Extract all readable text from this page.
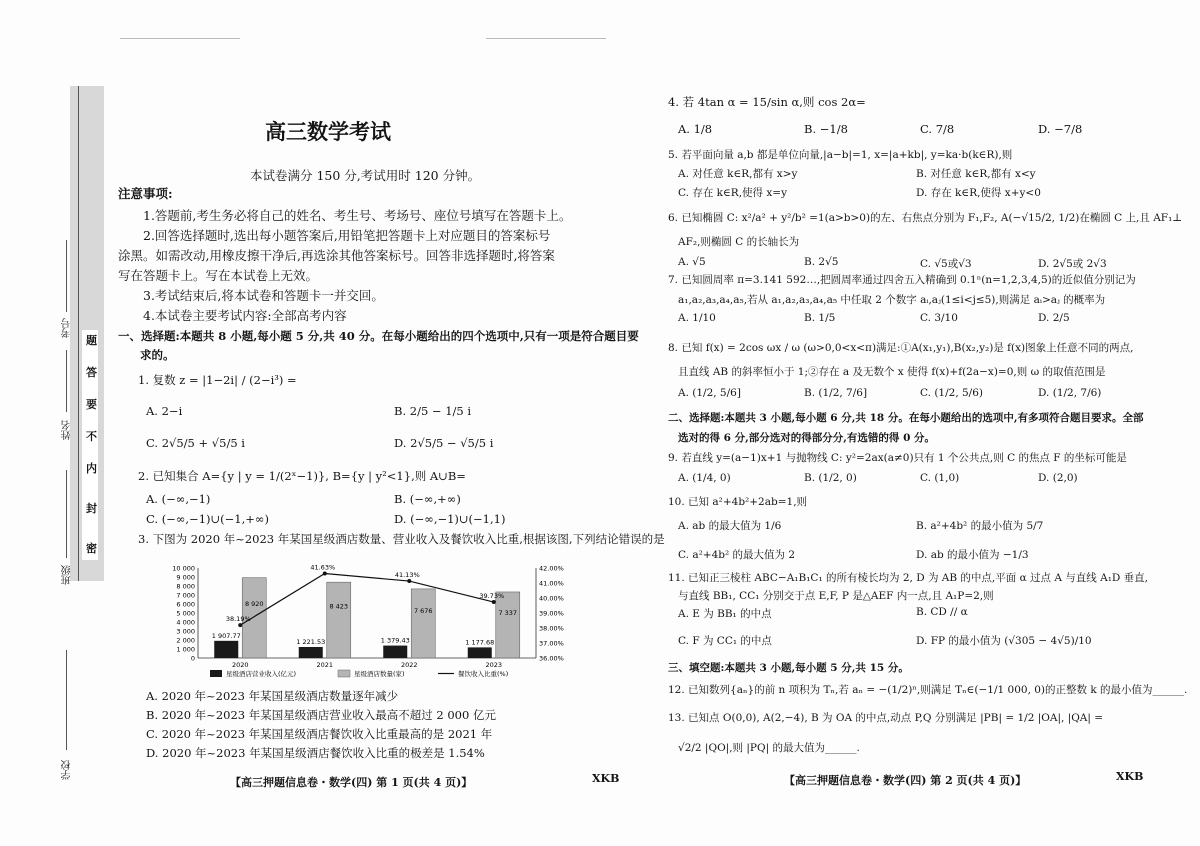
学校
班级
姓名
考号
题
答
要
不
内
封
密
高三数学考试
本试卷满分 150 分,考试用时 120 分钟。
注意事项:
1.答题前,考生务必将自己的姓名、考生号、考场号、座位号填写在答题卡上。
2.回答选择题时,选出每小题答案后,用铅笔把答题卡上对应题目的答案标号
涂黑。如需改动,用橡皮擦干净后,再选涂其他答案标号。回答非选择题时,将答案
写在答题卡上。写在本试卷上无效。
3.考试结束后,将本试卷和答题卡一并交回。
4.本试卷主要考试内容:全部高考内容
一、选择题:本题共 8 小题,每小题 5 分,共 40 分。在每小题给出的四个选项中,只有一项是符合题目要
求的。
1. 复数 z = |1−2i| / (2−i³) =
A. 2−i	B. 2/5 − 1/5 i
C. 2√5/5 + √5/5 i	D. 2√5/5 − √5/5 i
2. 已知集合 A={y | y = 1/(2ˣ−1)}, B={y | y²<1},则 A∪B=
A. (−∞,−1)	B. (−∞,+∞)
C. (−∞,−1)∪(−1,+∞)	D. (−∞,−1)∪(−1,1)
3. 下图为 2020 年~2023 年某国星级酒店数量、营业收入及餐饮收入比重,根据该图,下列结论错误的是
0
1 000
2 000
3 000
4 000
5 000
6 000
7 000
8 000
9 000
10 000
36.00%
37.00%
38.00%
39.00%
40.00%
41.00%
42.00%
1 907.77
8 920
2020
1 221.53
8 423
2021
1 379.43
7 676
2022
1 177.68
7 337
2023
38.19%
41.63%
41.13%
39.73%
星级酒店营业收入(亿元)	星级酒店数量(家)	餐饮收入比重(%)
A. 2020 年~2023 年某国星级酒店数量逐年减少
B. 2020 年~2023 年某国星级酒店营业收入最高不超过 2 000 亿元
C. 2020 年~2023 年某国星级酒店餐饮收入比重最高的是 2021 年
D. 2020 年~2023 年某国星级酒店餐饮收入比重的极差是 1.54%
【高三押题信息卷・数学(四) 第 1 页(共 4 页)】	XKB
4. 若 4tan α = 15/sin α,则 cos 2α=
A. 1/8	B. −1/8	C. 7/8	D. −7/8
5. 若平面向量 a,b 都是单位向量,|a−b|=1, x=|a+kb|, y=ka·b(k∈R),则
A. 对任意 k∈R,都有 x>y	B. 对任意 k∈R,都有 x<y
C. 存在 k∈R,使得 x=y	D. 存在 k∈R,使得 x+y<0
6. 已知椭圆 C: x²/a² + y²/b² =1(a>b>0)的左、右焦点分别为 F₁,F₂, A(−√15/2, 1/2)在椭圆 C 上,且 AF₁⊥
AF₂,则椭圆 C 的长轴长为
A. √5	B. 2√5	C. √5或√3	D. 2√5或 2√3
7. 已知圆周率 π=3.141 592…,把圆周率通过四舍五入精确到 0.1ⁿ(n=1,2,3,4,5)的近似值分别记为
a₁,a₂,a₃,a₄,a₅,若从 a₁,a₂,a₃,a₄,a₅ 中任取 2 个数字 aᵢ,aⱼ(1≤i<j≤5),则满足 aᵢ>aⱼ 的概率为
A. 1/10	B. 1/5	C. 3/10	D. 2/5
8. 已知 f(x) = 2cos ωx / ω (ω>0,0<x<π)满足:①A(x₁,y₁),B(x₂,y₂)是 f(x)图象上任意不同的两点,
且直线 AB 的斜率恒小于 1;②存在 a 及无数个 x 使得 f(x)+f(2a−x)=0,则 ω 的取值范围是
A. (1/2, 5/6]	B. (1/2, 7/6]	C. (1/2, 5/6)	D. (1/2, 7/6)
二、选择题:本题共 3 小题,每小题 6 分,共 18 分。在每小题给出的选项中,有多项符合题目要求。全部
选对的得 6 分,部分选对的得部分分,有选错的得 0 分。
9. 若直线 y=(a−1)x+1 与抛物线 C: y²=2ax(a≠0)只有 1 个公共点,则 C 的焦点 F 的坐标可能是
A. (1/4, 0)	B. (1/2, 0)	C. (1,0)	D. (2,0)
10. 已知 a²+4b²+2ab=1,则
A. ab 的最大值为 1/6	B. a²+4b² 的最小值为 5/7
C. a²+4b² 的最大值为 2	D. ab 的最小值为 −1/3
11. 已知正三棱柱 ABC−A₁B₁C₁ 的所有棱长均为 2, D 为 AB 的中点,平面 α 过点 A 与直线 A₁D 垂直,
与直线 BB₁, CC₁ 分别交于点 E,F, P 是△AEF 内一点,且 A₁P=2,则
A. E 为 BB₁ 的中点	B. CD // α
C. F 为 CC₁ 的中点	D. FP 的最小值为 (√305 − 4√5)/10
三、填空题:本题共 3 小题,每小题 5 分,共 15 分。
12. 已知数列{aₙ}的前 n 项积为 Tₙ,若 aₙ = −(1/2)ⁿ,则满足 Tₙ∈(−1/1 000, 0)的正整数 k 的最小值为______.
13. 已知点 O(0,0), A(2,−4), B 为 OA 的中点,动点 P,Q 分别满足 |PB| = 1/2 |OA|, |QA| =
√2/2 |QO|,则 |PQ| 的最大值为______.
【高三押题信息卷・数学(四) 第 2 页(共 4 页)】	XKB
